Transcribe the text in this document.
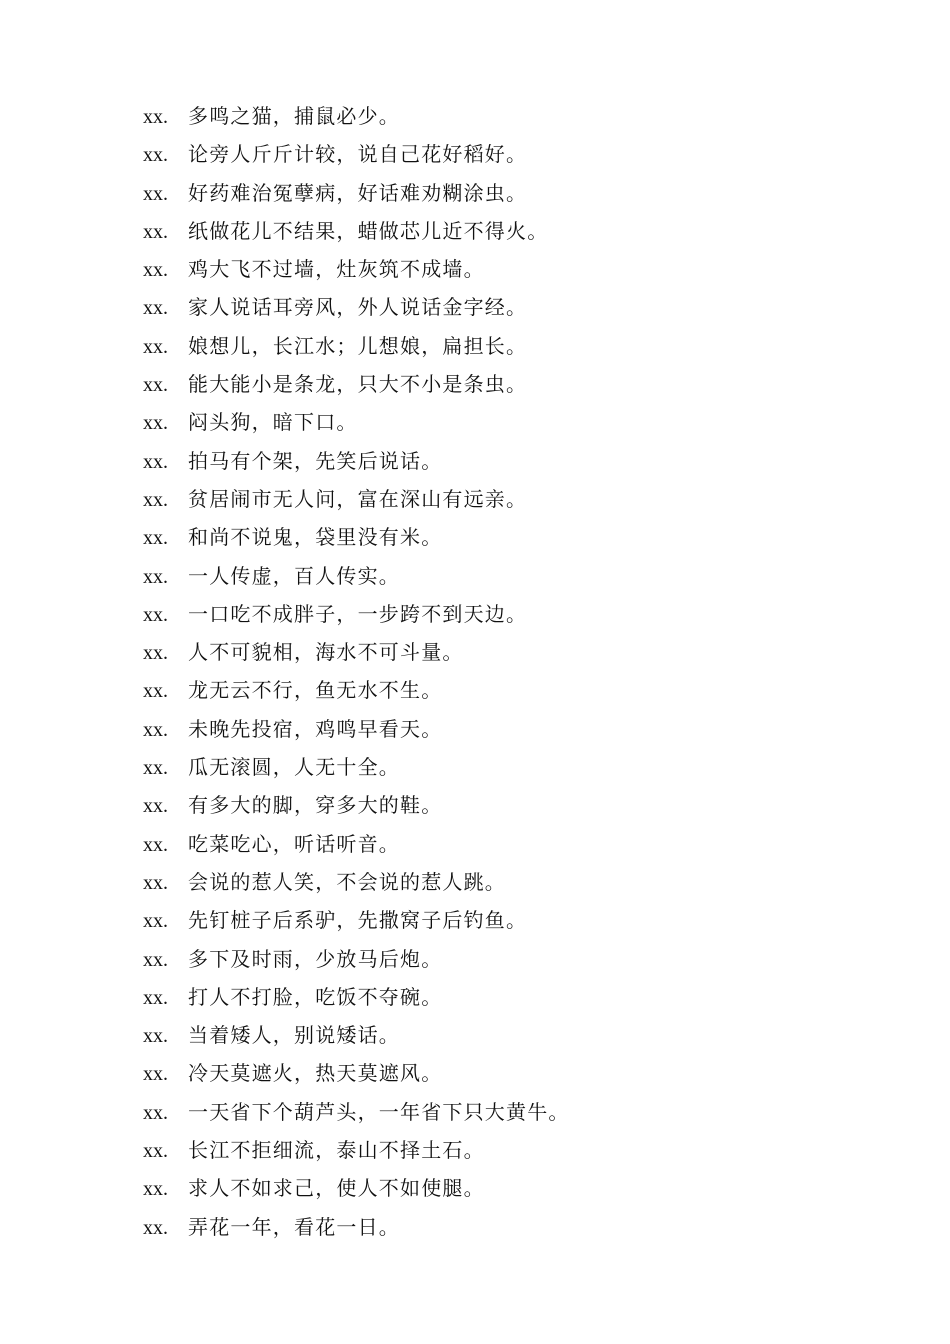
xx. 多鸣之猫，捕鼠必少。
xx. 论旁人斤斤计较，说自己花好稻好。
xx. 好药难治冤孽病，好话难劝糊涂虫。
xx. 纸做花儿不结果，蜡做芯儿近不得火。
xx. 鸡大飞不过墙，灶灰筑不成墙。
xx. 家人说话耳旁风，外人说话金字经。
xx. 娘想儿，长江水；儿想娘，扁担长。
xx. 能大能小是条龙，只大不小是条虫。
xx. 闷头狗，暗下口。
xx. 拍马有个架，先笑后说话。
xx. 贫居闹市无人问，富在深山有远亲。
xx. 和尚不说鬼，袋里没有米。
xx. 一人传虚，百人传实。
xx. 一口吃不成胖子，一步跨不到天边。
xx. 人不可貌相，海水不可斗量。
xx. 龙无云不行，鱼无水不生。
xx. 未晚先投宿，鸡鸣早看天。
xx. 瓜无滚圆，人无十全。
xx. 有多大的脚，穿多大的鞋。
xx. 吃菜吃心，听话听音。
xx. 会说的惹人笑，不会说的惹人跳。
xx. 先钉桩子后系驴，先撒窝子后钓鱼。
xx. 多下及时雨，少放马后炮。
xx. 打人不打脸，吃饭不夺碗。
xx. 当着矮人，别说矮话。
xx. 冷天莫遮火，热天莫遮风。
xx. 一天省下个葫芦头，一年省下只大黄牛。
xx. 长江不拒细流，泰山不择土石。
xx. 求人不如求己，使人不如使腿。
xx. 弄花一年，看花一日。
